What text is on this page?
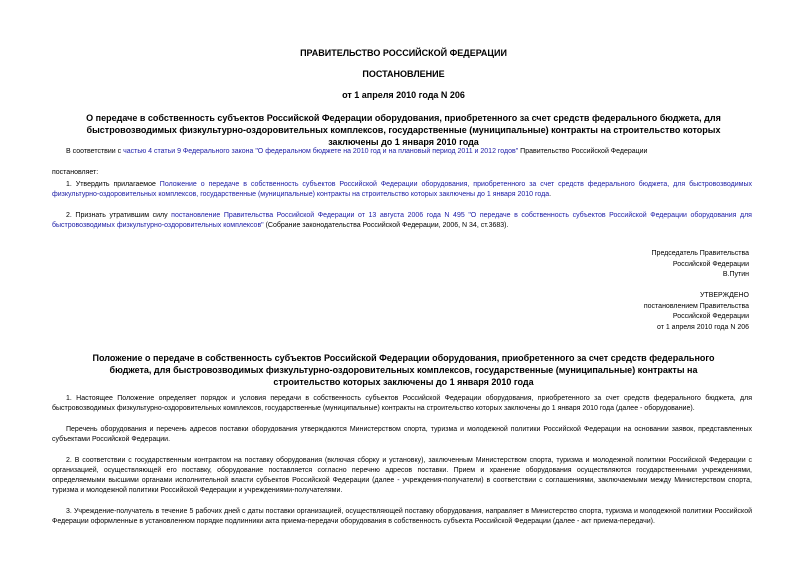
ПРАВИТЕЛЬСТВО РОССИЙСКОЙ ФЕДЕРАЦИИ
ПОСТАНОВЛЕНИЕ
от 1 апреля 2010 года N 206
О передаче в собственность субъектов Российской Федерации оборудования, приобретенного за счет средств федерального бюджета, для быстровозводимых физкультурно-оздоровительных комплексов, государственные (муниципальные) контракты на строительство которых заключены до 1 января 2010 года
В соответствии с частью 4 статьи 9 Федерального закона "О федеральном бюджете на 2010 год и на плановый период 2011 и 2012 годов" Правительство Российской Федерации
постановляет:
1. Утвердить прилагаемое Положение о передаче в собственность субъектов Российской Федерации оборудования, приобретенного за счет средств федерального бюджета, для быстровозводимых физкультурно-оздоровительных комплексов, государственные (муниципальные) контракты на строительство которых заключены до 1 января 2010 года.
2. Признать утратившим силу постановление Правительства Российской Федерации от 13 августа 2006 года N 495 "О передаче в собственность субъектов Российской Федерации оборудования для быстровозводимых физкультурно-оздоровительных комплексов" (Собрание законодательства Российской Федерации, 2006, N 34, ст.3683).
Председатель Правительства
Российской Федерации
В.Путин
УТВЕРЖДЕНО
постановлением Правительства
Российской Федерации
от 1 апреля 2010 года N 206
Положение о передаче в собственность субъектов Российской Федерации оборудования, приобретенного за счет средств федерального бюджета, для быстровозводимых физкультурно-оздоровительных комплексов, государственные (муниципальные) контракты на строительство которых заключены до 1 января 2010 года
1. Настоящее Положение определяет порядок и условия передачи в собственность субъектов Российской Федерации оборудования, приобретенного за счет средств федерального бюджета, для быстровозводимых физкультурно-оздоровительных комплексов, государственные (муниципальные) контракты на строительство которых заключены до 1 января 2010 года (далее - оборудование).
Перечень оборудования и перечень адресов поставки оборудования утверждаются Министерством спорта, туризма и молодежной политики Российской Федерации на основании заявок, представленных субъектами Российской Федерации.
2. В соответствии с государственным контрактом на поставку оборудования (включая сборку и установку), заключенным Министерством спорта, туризма и молодежной политики Российской Федерации с организацией, осуществляющей его поставку, оборудование поставляется согласно перечню адресов поставки. Прием и хранение оборудования осуществляются государственными учреждениями, определяемыми высшими органами исполнительной власти субъектов Российской Федерации (далее - учреждения-получатели) в соответствии с соглашениями, заключаемыми между Министерством спорта, туризма и молодежной политики Российской Федерации и учреждениями-получателями.
3. Учреждение-получатель в течение 5 рабочих дней с даты поставки организацией, осуществляющей поставку оборудования, направляет в Министерство спорта, туризма и молодежной политики Российской Федерации оформленные в установленном порядке подлинники акта приема-передачи оборудования в собственность субъекта Российской Федерации (далее - акт приема-передачи).
